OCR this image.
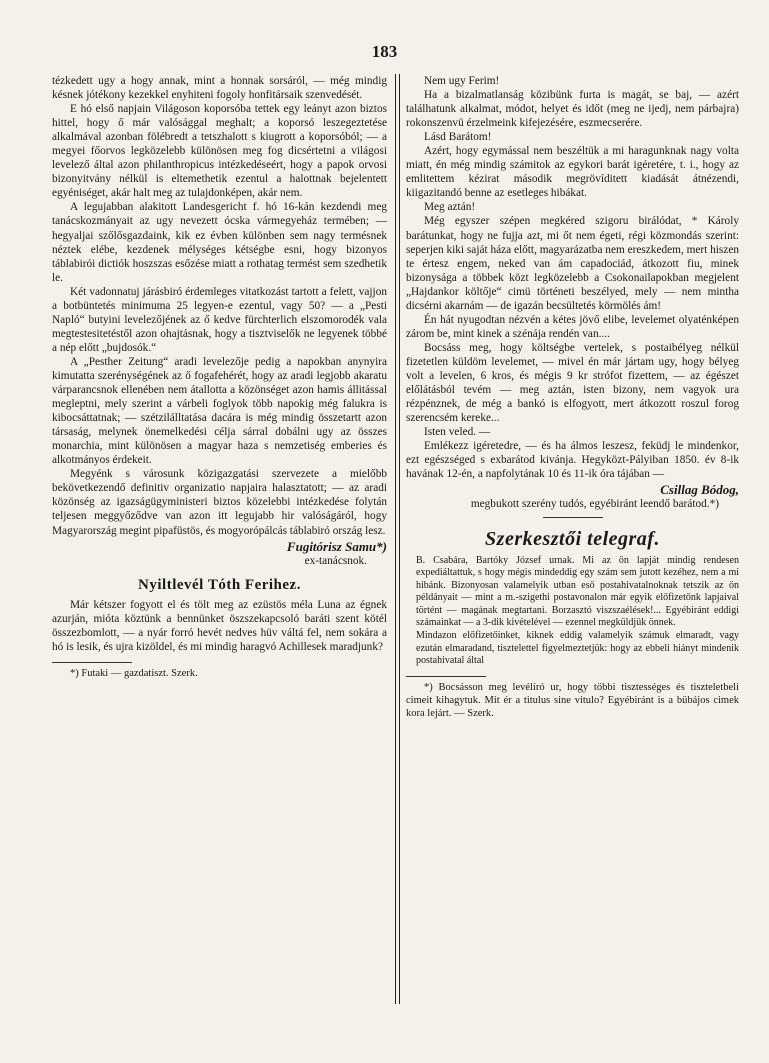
183

tézkedett ugy a hogy annak, mint a honnak sorsáról, — még mindig késnek jótékony kezekkel enyhiteni fogoly honfitársaik szenvedését.

E hó első napjain Világoson koporsóba tettek egy leányt azon biztos hittel, hogy ő már valósággal meghalt; a koporsó leszegeztetése alkalmával azonban fölébredt a tetszhalott s kiugrott a koporsóból; — a megyei főorvos legközelebb különösen meg fog dicsértetni a világosi levelező által azon philanthropicus intézkedéseért, hogy a papok orvosi bizonyitvány nélkül is eltemethetik ezentul a halottnak bejelentett egyéniséget, akár halt meg az tulajdonképen, akár nem.

A legujabban alakitott Landesgericht f. hó 16-kán kezdendi meg tanácskozmányait az ugy nevezett ócska vármegyeház termében; — hegyaljai szőlősgazdaink, kik ez évben különben sem nagy termésnek néztek elébe, kezdenek mélységes kétségbe esni, hogy bizonyos táblabirói dictiók hoszszas esőzése miatt a rothatag termést sem szedhetik le.

Két vadonnatuj járásbiró érdemleges vitatkozást tartott a felett, vajjon a botbüntetés minimuma 25 legyen-e ezentul, vagy 50? — a „Pesti Napló“ butyini levelezőjének az ő kedve fürchterlich elszomorodék vala megtestesitetéstől azon ohajtásnak, hogy a tisztviselők ne legyenek többé a nép előtt „bujdosók.“

A „Pesther Zeitung“ aradi levelezője pedig a napokban anynyira kimutatta szerénységének az ő fogafehérét, hogy az aradi legjobb akaratu várparancsnok ellenében nem átallotta a közönséget azon hamis állitással megleptni, mely szerint a várbeli foglyok több napokig még falukra is kibocsáttatnak; — szétzilálltatása dacára is még mindig összetartt azon társaság, melynek önemelkedési célja sárral dobálni ugy az összes monarchia, mint különösen a magyar hazа s nemzetiség emberies és alkotmányos érdekeit.

Megyénk s városunk közigazgatási szervezete a mielőbb bekövetkezendő definitiv organizatio napjaira halasztatott; — az aradi közönség az igazságügyministeri biztos közelebbi intézkedése folytán teljesen meggyőződve van azon itt legujabb hir valóságáról, hogy Magyarország megint pipafüstös, és mogyorópálcás táblabiró ország lesz.

Fugitórisz Samu*)
ex-tanácsnok.
Nyiltlevél Tóth Ferihez.

Már kétszer fogyott el és tölt meg az ezüstös méla Luna az égnek azurján, mióta köztünk a bennünket öszszekapcsoló baráti szent kötél összezbomlott, — a nyár forró hevét nedves hüv váltá fel, nem sokára a hó is lesik, és ujra kizöldel, és mi mindig haragvó Achillesek maradjunk?

*) Futaki — gazdatiszt. Szerk.

Nem ugy Ferim!

Ha a bizalmatlanság közibünk furta is magát, se baj, — azért találhatunk alkalmat, módot, helyet és időt (meg ne ijedj, nem párbajra) rokonszenvü érzelmeink kifejezésére, eszmecserére.

Lásd Barátom!

Azért, hogy egymással nem beszéltük a mi haragunknak nagy volta miatt, én még mindig számitok az egykori barát igéretére, t. i., hogy az emlitettem kézirat második megrövíditett kiadását átnézendi, kiigazitandó benne az esetleges hibákat.

Meg aztán!

Még egyszer szépen megkéred szigoru birálódat, * Károly barátunkat, hogy ne fujja azt, mi őt nem égeti, régi közmondás szerint: seperjen kiki saját háza előtt, magyarázatba nem ereszkedem, mert hiszen te értesz engem, neked van ám capadociád, átkozott fiu, minek bizonysága a többek közt legközelebb a Csokonailapokban megjelent „Hajdankor költője“ cimü történeti beszélyed, mely — nem mintha dicsérni akarnám — de igazán becsültetés körmölés ám!

Én hát nyugodtan nézvén a kétes jövő elibe, levelemet olyaténképen zárom be, mint kinek a szénája rendén van....

Bocsáss meg, hogy költségbe vertelek, s postaibélyeg nélkül fizetetlen küldöm levelemet, — mivel én már jártam ugy, hogy bélyeg volt a levelen, 6 kros, és mégis 9 kr strófot fizettem, — az égészet előlátásból tevém — meg aztán, isten bizony, nem vagyok ura rézpénznek, de még a bankó is elfogyott, mert átkozott roszul forog szerencsém kereke...

Isten veled. —

Emlékezz igéretedre, — és ha álmos leszesz, feküdj le mindenkor, ezt egészséged s exbarátod kivánja. Hegyközt-Pályiban 1850. év 8-ik havának 12-én, a napfolytának 10 és 11-ik óra tájában —

Csillag Bódog,
megbukott szerény tudós, egyébiránt leendő barátod.*)
Szerkesztői telegraf.

B. Csabára, Bartóky József urnak. Mi az ön lapját mindig rendesen expediáltattuk, s hogy mégis mindeddig egy szám sem jutott kezéhez, nem a mi hibánk. Bizonyosan valamelyik utban eső postahivatalnoknak tetszik az ön példányait — mint a m.-szigethi postavonalon már egyik előfizetőnk lapjaival történt — magának megtartani. Borzasztó viszszaélések!... Egyébiránt eddigi számainkat — a 3-dik kivételével — ezennel megküldjük önnek.

Mindazon előfizetőinket, kiknek eddig valamelyik számuk elmaradt, vagy ezután elmaradand, tisztelettel figyelmeztetjük: hogy az ebbeli hiányt mindenik postahivatal által

*) Bocsásson meg levélíró ur, hogy többi tisztességes és tiszteletbeli cimeit kihagytuk. Mit ér a titulus sine vitulo? Egyébiránt is a bübájos cimek kora lejárt. — Szerk.
